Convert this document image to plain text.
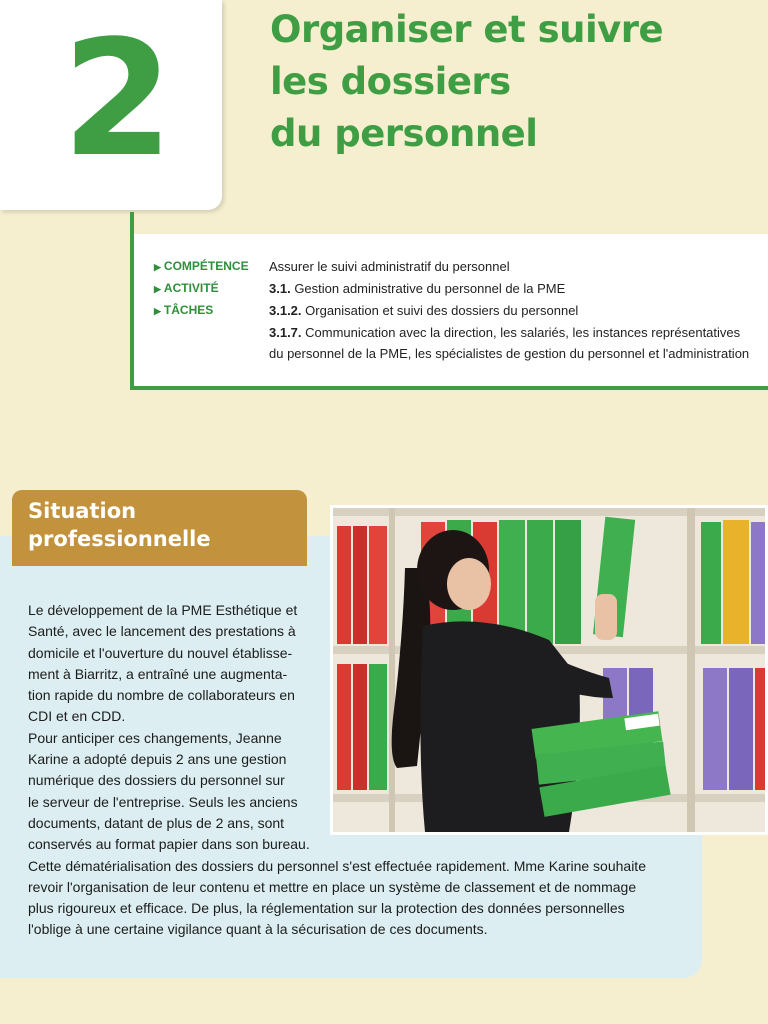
2	Organiser et suivre
les dossiers
du personnel
▶ COMPÉTENCE	Assurer le suivi administratif du personnel
▶ ACTIVITÉ	3.1. Gestion administrative du personnel de la PME
▶ TÂCHES	3.1.2. Organisation et suivi des dossiers du personnel
3.1.7. Communication avec la direction, les salariés, les instances représentatives
du personnel de la PME, les spécialistes de gestion du personnel et l'administration
Situation
professionnelle
Le développement de la PME Esthétique et
Santé, avec le lancement des prestations à
domicile et l'ouverture du nouvel établisse-
ment à Biarritz, a entraîné une augmenta-
tion rapide du nombre de collaborateurs en
CDI et en CDD.
Pour anticiper ces changements, Jeanne
Karine a adopté depuis 2 ans une gestion
numérique des dossiers du personnel sur
le serveur de l'entreprise. Seuls les anciens
documents, datant de plus de 2 ans, sont
conservés au format papier dans son bureau.
Cette dématérialisation des dossiers du personnel s'est effectuée rapidement. Mme Karine souhaite
revoir l'organisation de leur contenu et mettre en place un système de classement et de nommage
plus rigoureux et efficace. De plus, la réglementation sur la protection des données personnelles
l'oblige à une certaine vigilance quant à la sécurisation de ces documents.
